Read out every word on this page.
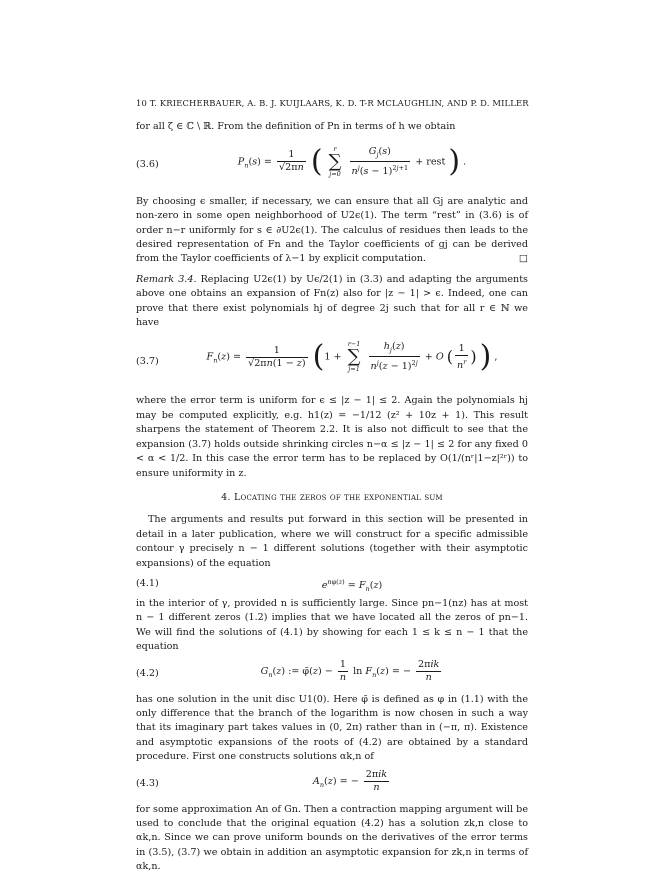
10 T. KRIECHERBAUER, A. B. J. KUIJLAARS, K. D. T-R MCLAUGHLIN, AND P. D. MILLER

for all ζ ∈ ℂ \ ℝ. From the definition of Pn in terms of h we obtain

(3.6)	$P_n(s) = \frac{1}{√2\pi n}$ (	r
∑
j=0
$\frac{G_j(s)}{n^j(s - 1)^{2j+1}}$ + rest ) .

By choosing ϵ smaller, if necessary, we can ensure that all Gj are analytic and non-zero in some open neighborhood of U2ϵ(1). The term “rest” in (3.6) is of order n−r uniformly for s ∈ ∂U2ϵ(1). The calculus of residues then leads to the desired representation of Fn and the Taylor coefficients of gj can be derived from the Taylor coefficients of λ−1 by explicit computation.	□

Remark 3.4. Replacing U2ϵ(1) by Uϵ/2(1) in (3.3) and adapting the arguments above one obtains an expansion of Fn(z) also for |z − 1| > ϵ. Indeed, one can prove that there exist polynomials hj of degree 2j such that for all r ∈ ℕ we have

(3.7)	$F_n(z) = \frac{1}{√2\pi n(1 - z)} (1$ +
r−1
∑
j=1
$\frac{h_j(z)}{n^j(z - 1)^{2j}} + O$ ( $\frac{1}{n^r}$ ) ) ,

where the error term is uniform for ϵ ≤ |z − 1| ≤ 2. Again the polynomials hj may be computed explicitly, e.g. h1(z) = −1/12 (z² + 10z + 1). This result sharpens the statement of Theorem 2.2. It is also not difficult to see that the expansion (3.7) holds outside shrinking circles n−α ≤ |z − 1| ≤ 2 for any fixed 0 < α < 1/2. In this case the error term has to be replaced by O(1/(nʳ|1−z|²ʳ)) to ensure uniformity in z.

4. Locating the zeros of the exponential sum

The arguments and results put forward in this section will be presented in detail in a later publication, where we will construct for a specific admissible contour γ precisely n − 1 different solutions (together with their asymptotic expansions) of the equation

(4.1)	$e^{n\varphi(z)} = F_n(z)$

in the interior of γ, provided n is sufficiently large. Since pn−1(nz) has at most n − 1 different zeros (1.2) implies that we have located all the zeros of pn−1. We will find the solutions of (4.1) by showing for each 1 ≤ k ≤ n − 1 that the equation

(4.2)	$G_n(z)$ := φ̃(z) − $\frac{1}{n}$ $\ln F_n(z)$ = − $\frac{\text{2πik}}{n}$

has one solution in the unit disc U1(0). Here φ̃ is defined as φ in (1.1) with the only difference that the branch of the logarithm is now chosen in such a way that its imaginary part takes values in (0, 2π) rather than in (−π, π). Existence and asymptotic expansions of the roots of (4.2) are obtained by a standard procedure. First one constructs solutions αk,n of

(4.3)	$A_n(z)$ = − $\frac{\text{2πik}}{n}$

for some approximation An of Gn. Then a contraction mapping argument will be used to conclude that the original equation (4.2) has a solution zk,n close to αk,n. Since we can prove uniform bounds on the derivatives of the error terms in (3.5), (3.7) we obtain in addition an asymptotic expansion for zk,n in terms of αk,n.
